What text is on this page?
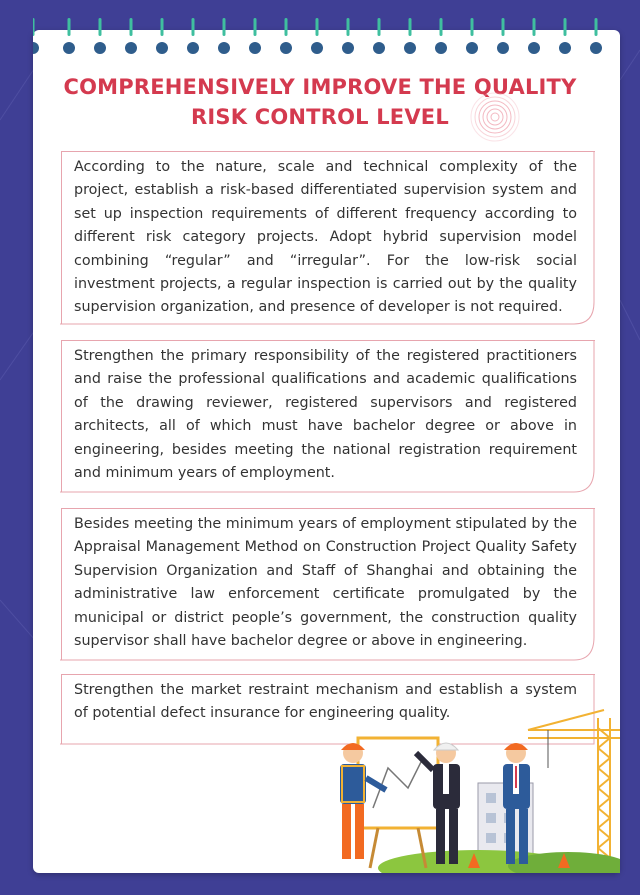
COMPREHENSIVELY IMPROVE THE QUALITY
RISK CONTROL LEVEL
According to the nature, scale and technical complexity of the project, establish a risk-based differentiated supervision system and set up inspection requirements of different frequency according to different risk category projects. Adopt hybrid supervision model combining “regular” and “irregular”. For the low-risk social investment projects, a regular inspection is carried out by the quality supervision organization, and presence of developer is not required.
Strengthen the primary responsibility of the registered practitioners and raise the professional qualifications and academic qualifications of the drawing reviewer, registered supervisors and registered architects, all of which must have bachelor degree or above in engineering, besides meeting the national registration requirement and minimum years of employment.
Besides meeting the minimum years of employment stipulated by the Appraisal Management Method on Construction Project Quality Safety Supervision Organization and Staff of Shanghai and obtaining the administrative law enforcement certificate promulgated by the municipal or district people’s government, the construction quality supervisor shall have bachelor degree or above in engineering.
Strengthen the market restraint mechanism and establish a system of potential defect insurance for engineering quality.
